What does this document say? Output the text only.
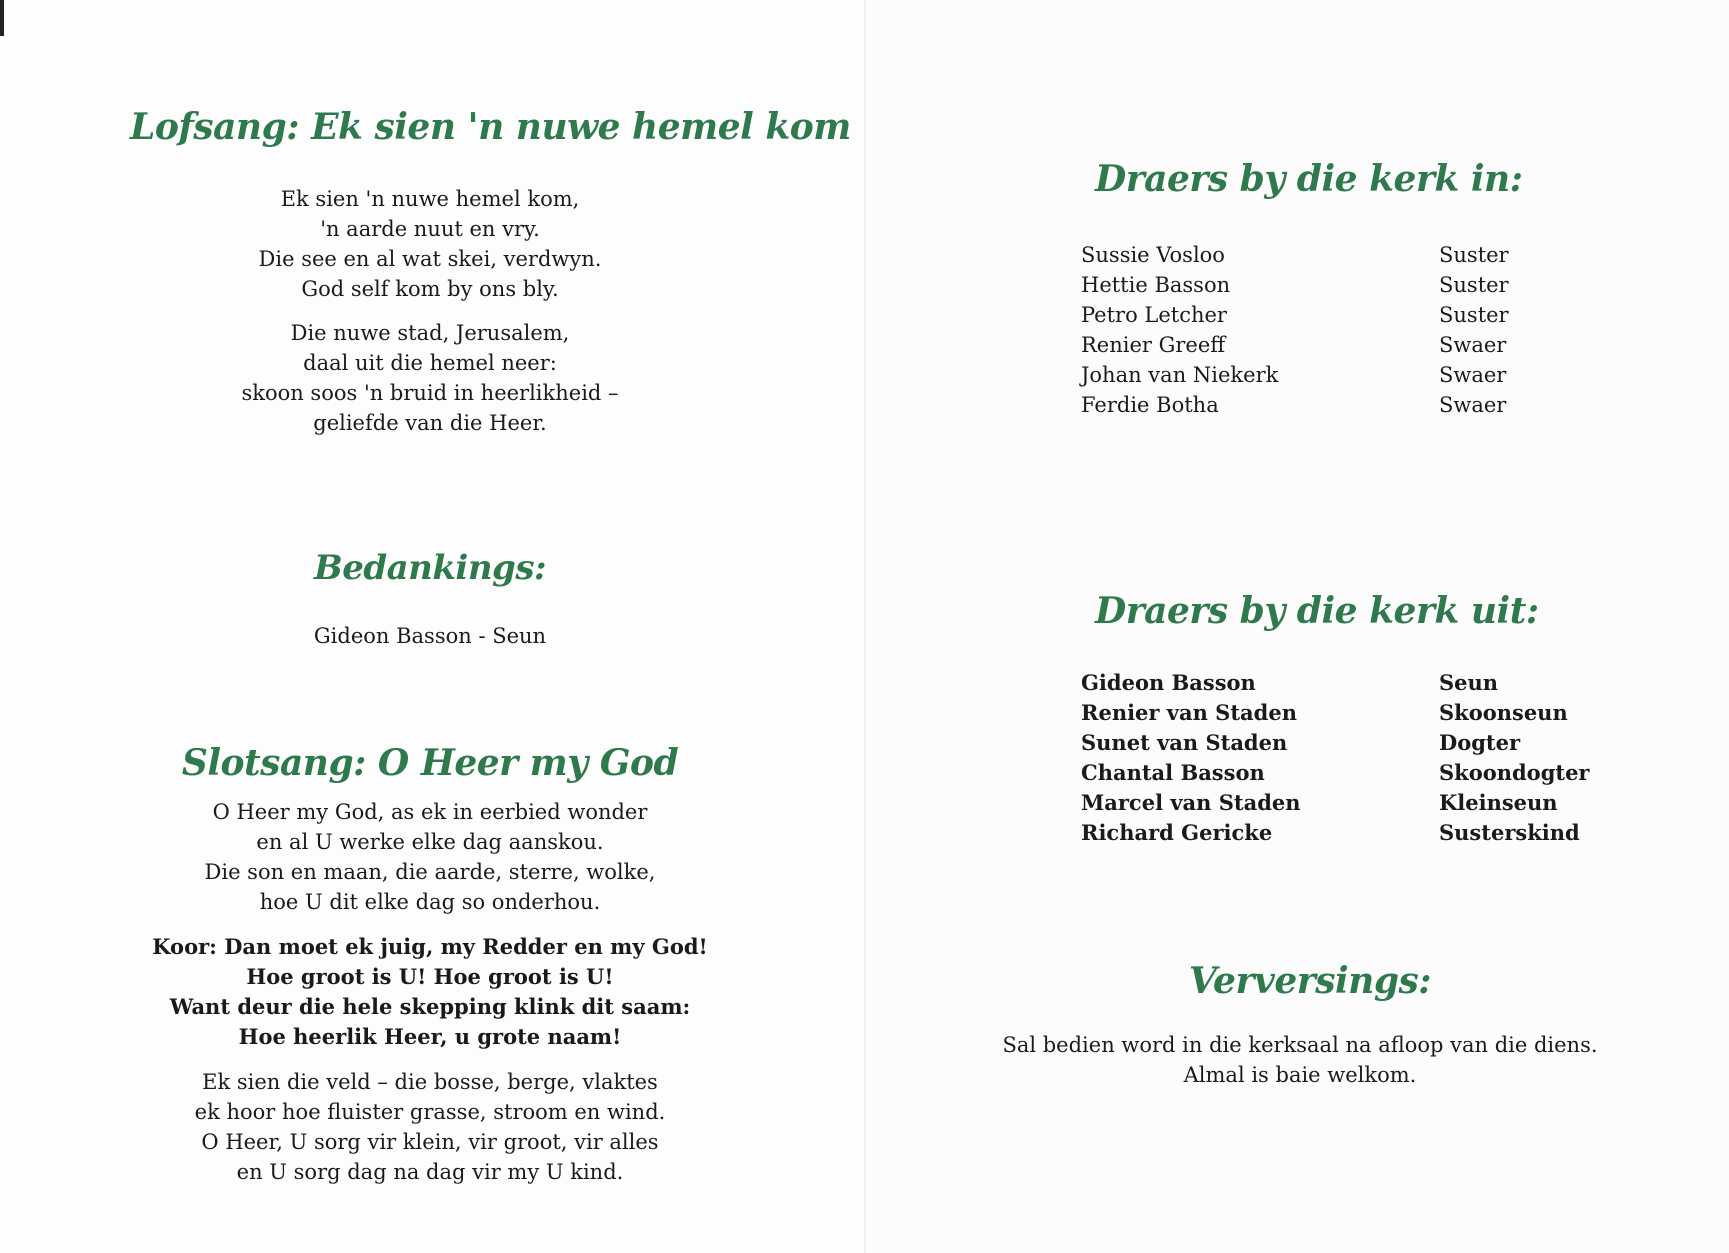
Lofsang: Ek sien 'n nuwe hemel kom
Ek sien 'n nuwe hemel kom,
'n aarde nuut en vry.
Die see en al wat skei, verdwyn.
God self kom by ons bly.
Die nuwe stad, Jerusalem,
daal uit die hemel neer:
skoon soos 'n bruid in heerlikheid –
geliefde van die Heer.
Bedankings:
Gideon Basson - Seun
Slotsang: O Heer my God
O Heer my God, as ek in eerbied wonder
en al U werke elke dag aanskou.
Die son en maan, die aarde, sterre, wolke,
hoe U dit elke dag so onderhou.
Koor: Dan moet ek juig, my Redder en my God!
Hoe groot is U! Hoe groot is U!
Want deur die hele skepping klink dit saam:
Hoe heerlik Heer, u grote naam!
Ek sien die veld – die bosse, berge, vlaktes
ek hoor hoe fluister grasse, stroom en wind.
O Heer, U sorg vir klein, vir groot, vir alles
en U sorg dag na dag vir my U kind.
Draers by die kerk in:
Sussie Vosloo	Suster
Hettie Basson	Suster
Petro Letcher	Suster
Renier Greeff	Swaer
Johan van Niekerk	Swaer
Ferdie Botha	Swaer
Draers by die kerk uit:
Gideon Basson	Seun
Renier van Staden	Skoonseun
Sunet van Staden	Dogter
Chantal Basson	Skoondogter
Marcel van Staden	Kleinseun
Richard Gericke	Susterskind
Verversings:
Sal bedien word in die kerksaal na afloop van die diens.
Almal is baie welkom.
